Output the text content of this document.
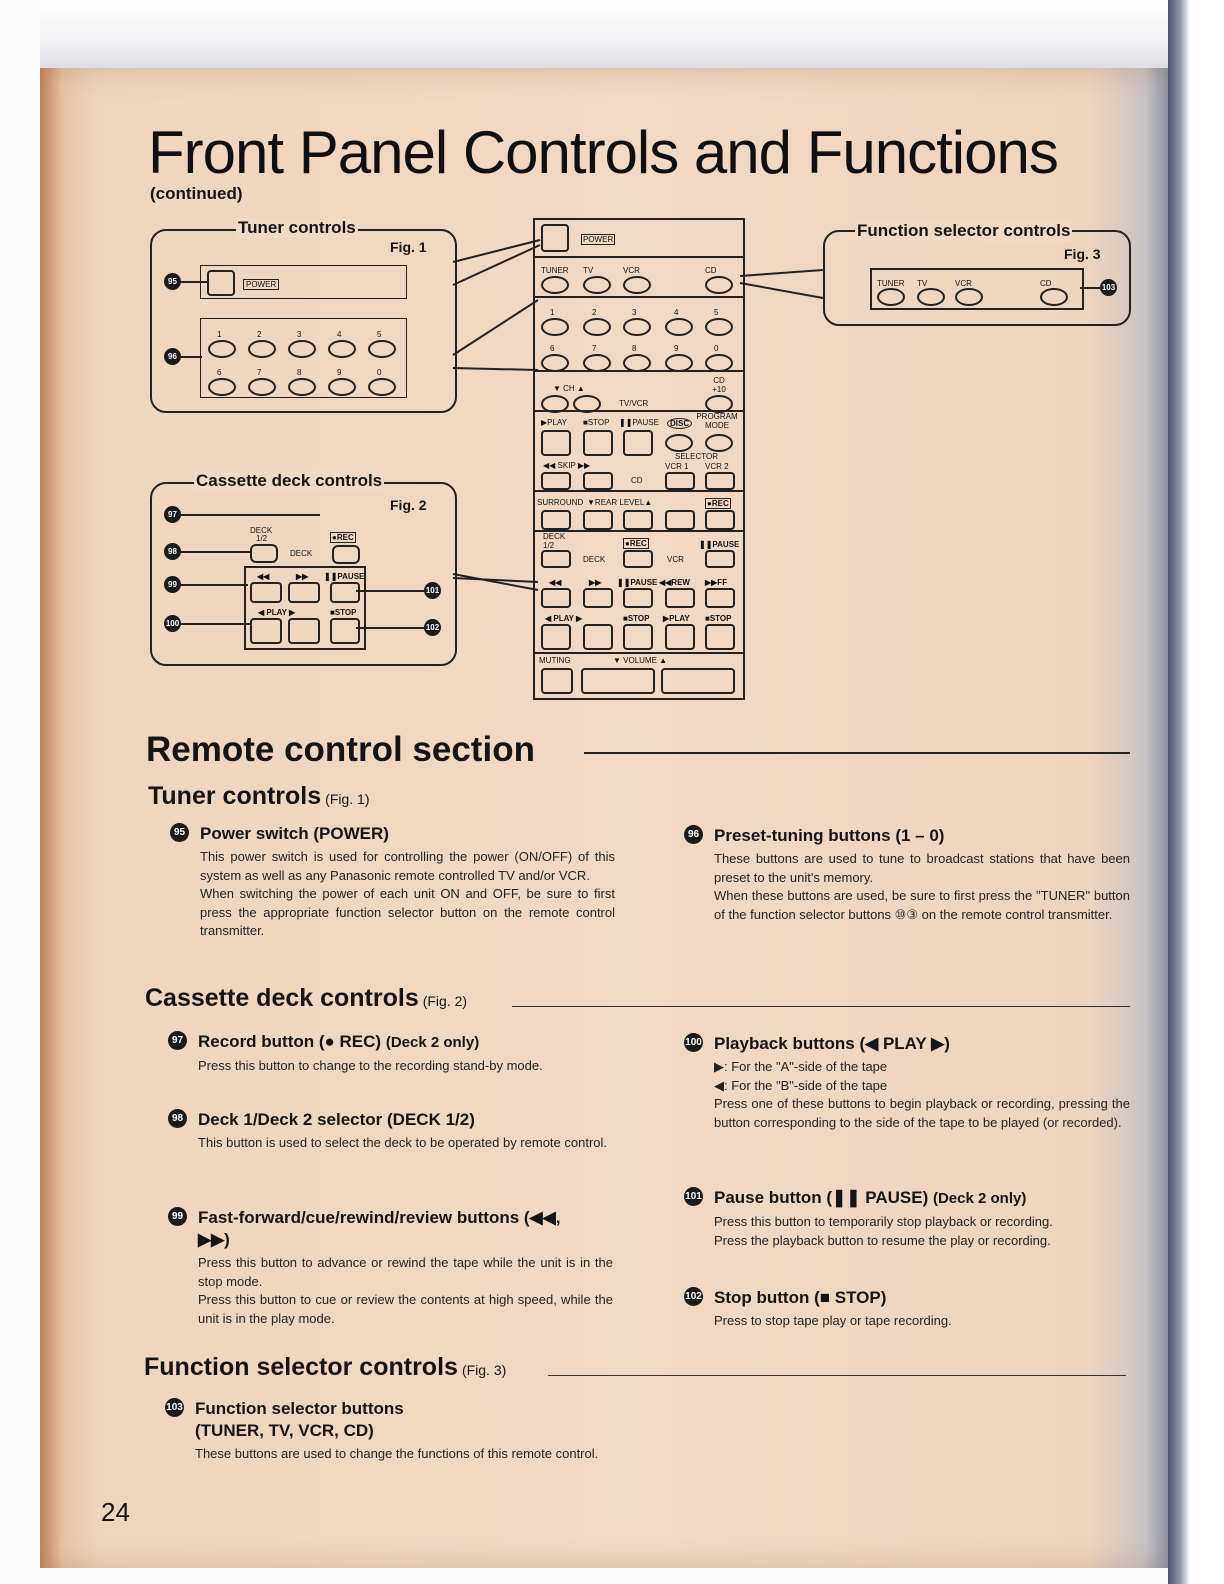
Front Panel Controls and Functions
(continued)
Tuner controls
Fig. 1
POWER
95
96
1
6
2
7
3
8
4
9
5
0
Cassette deck controls
Fig. 2
DECK
1/2
DECK
●REC
◀◀	▶▶ ❚❚PAUSE
◀ PLAY ▶	■STOP
97
98
99
100
101
102
Function selector controls
Fig. 3
TUNER TV	VCR	CD	103
POWER
TUNER TV	VCR	CD
1
6
2
7
3
8
4
9
5
0
▼ CH ▲
TV/VCR
CD +10
▶PLAY ■STOP ❚❚PAUSE	DISC
PROGRAM MODE
◀◀ SKIP ▶▶
SELECTOR
VCR 1 VCR 2
CD
SURROUND ▼REAR LEVEL▲	●REC
DECK 1/2	●REC	❚❚PAUSE
DECK	VCR
◀◀	▶▶ ❚❚PAUSE ◀◀REW ▶▶FF
◀ PLAY ▶	■STOP ▶PLAY ■STOP
MUTING	▼ VOLUME ▲
Remote control section
Tuner controls (Fig. 1)
95 Power switch (POWER)
This power switch is used for controlling the power (ON/OFF) of this system as well as any Panasonic remote controlled TV and/or VCR.
When switching the power of each unit ON and OFF, be sure to first press the appropriate function selector button on the remote control transmitter.
96 Preset-tuning buttons (1 – 0)
These buttons are used to tune to broadcast stations that have been preset to the unit's memory.
When these buttons are used, be sure to first press the "TUNER" button of the function selector buttons ⑩③ on the remote control transmitter.
Cassette deck controls (Fig. 2)
97 Record button (● REC) (Deck 2 only)
Press this button to change to the recording stand-by mode.
98 Deck 1/Deck 2 selector (DECK 1/2)
This button is used to select the deck to be operated by remote control.
99 Fast-forward/cue/rewind/review buttons (◀◀, ▶▶)
Press this button to advance or rewind the tape while the unit is in the stop mode.
Press this button to cue or review the contents at high speed, while the unit is in the play mode.
100 Playback buttons (◀ PLAY ▶)
▶: For the "A"-side of the tape
◀: For the "B"-side of the tape
Press one of these buttons to begin playback or recording, pressing the button corresponding to the side of the tape to be played (or recorded).
101 Pause button (❚❚ PAUSE) (Deck 2 only)
Press this button to temporarily stop playback or recording.
Press the playback button to resume the play or recording.
102 Stop button (■ STOP)
Press to stop tape play or tape recording.
Function selector controls (Fig. 3)
103 Function selector buttons (TUNER, TV, VCR, CD)
These buttons are used to change the functions of this remote control.
24
